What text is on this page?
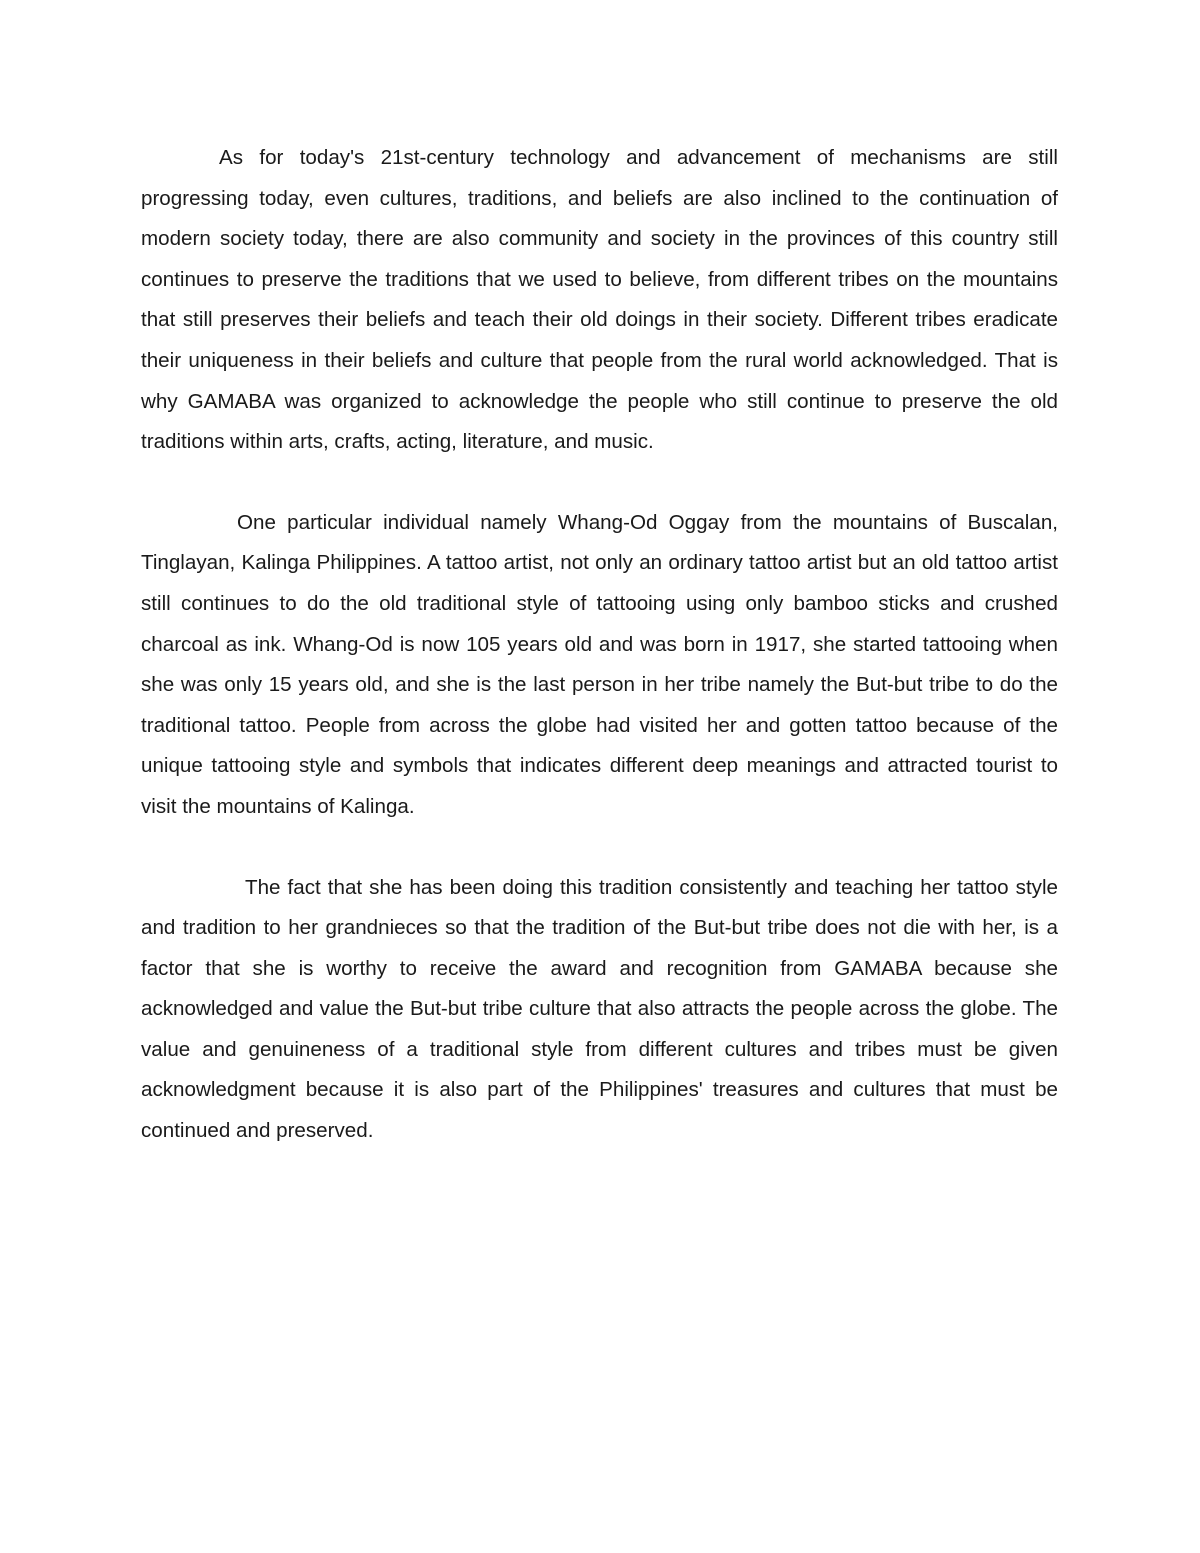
As for today's 21st-century technology and advancement of mechanisms are still progressing today, even cultures, traditions, and beliefs are also inclined to the continuation of modern society today, there are also community and society in the provinces of this country still continues to preserve the traditions that we used to believe, from different tribes on the mountains that still preserves their beliefs and teach their old doings in their society. Different tribes eradicate their uniqueness in their beliefs and culture that people from the rural world acknowledged. That is why GAMABA was organized to acknowledge the people who still continue to preserve the old traditions within arts, crafts, acting, literature, and music.

One particular individual namely Whang-Od Oggay from the mountains of Buscalan, Tinglayan, Kalinga Philippines. A tattoo artist, not only an ordinary tattoo artist but an old tattoo artist still continues to do the old traditional style of tattooing using only bamboo sticks and crushed charcoal as ink. Whang-Od is now 105 years old and was born in 1917, she started tattooing when she was only 15 years old, and she is the last person in her tribe namely the But-but tribe to do the traditional tattoo. People from across the globe had visited her and gotten tattoo because of the unique tattooing style and symbols that indicates different deep meanings and attracted tourist to visit the mountains of Kalinga.

The fact that she has been doing this tradition consistently and teaching her tattoo style and tradition to her grandnieces so that the tradition of the But-but tribe does not die with her, is a factor that she is worthy to receive the award and recognition from GAMABA because she acknowledged and value the But-but tribe culture that also attracts the people across the globe. The value and genuineness of a traditional style from different cultures and tribes must be given acknowledgment because it is also part of the Philippines' treasures and cultures that must be continued and preserved.
